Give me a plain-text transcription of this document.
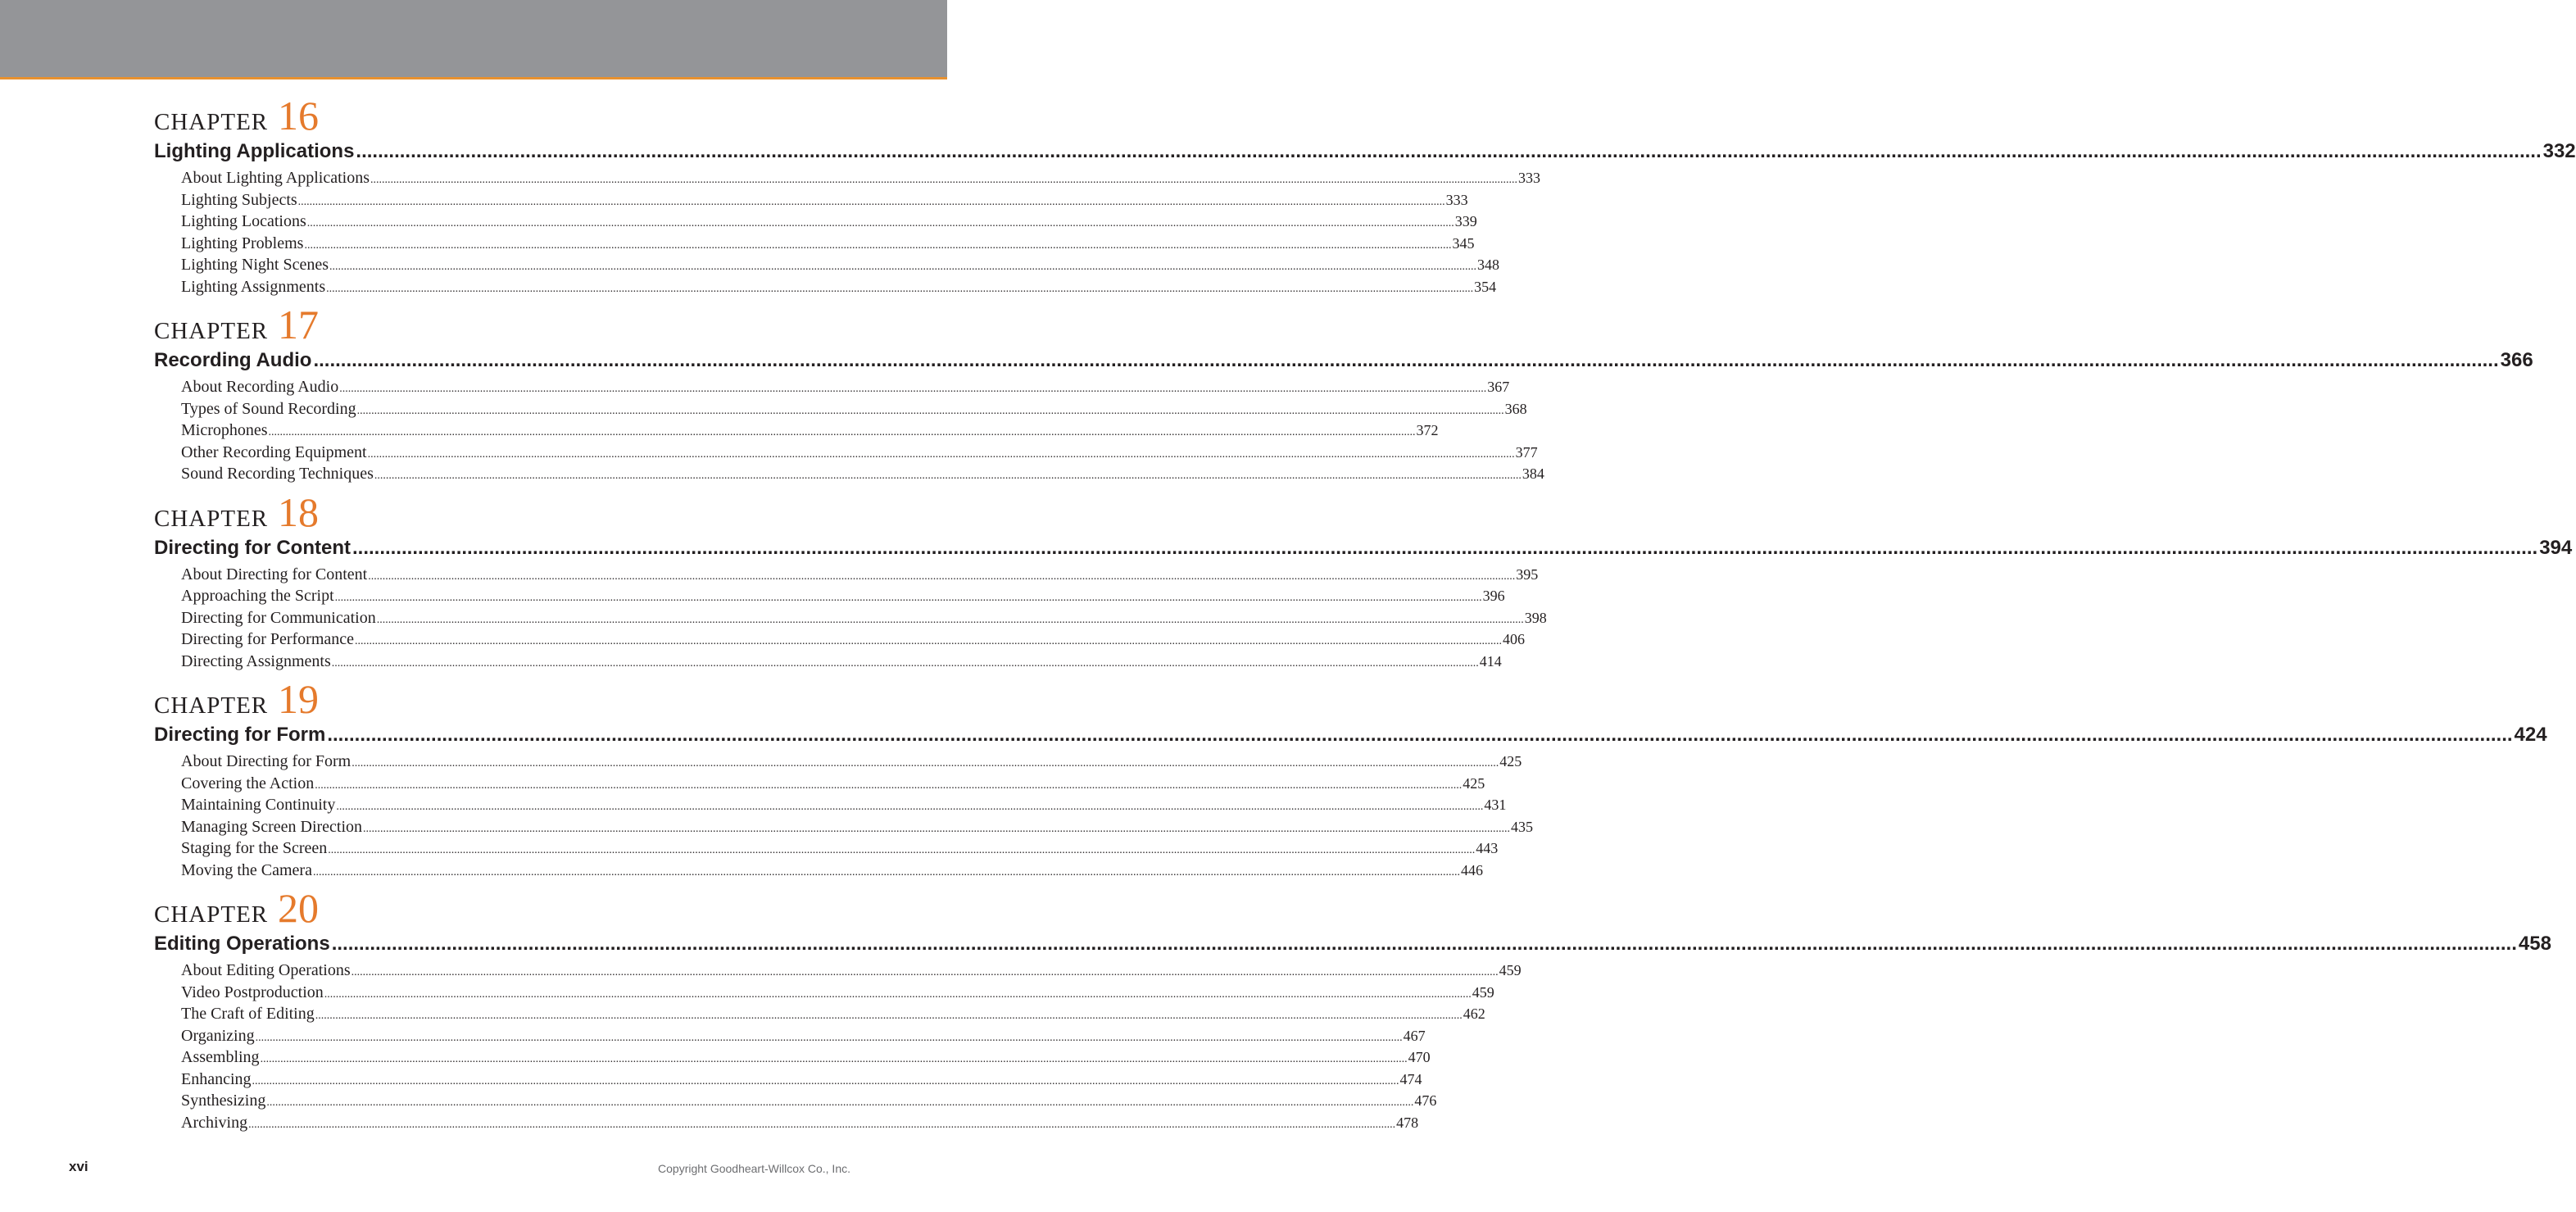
CHAPTER 16
Lighting Applications ................................................................................................................................................................................................................................................................................................................................................................................................................ 332
About Lighting Applications ................................................................................................................................................................................................................................................................................................................................................................................................................ 333
Lighting Subjects ................................................................................................................................................................................................................................................................................................................................................................................................................ 333
Lighting Locations ................................................................................................................................................................................................................................................................................................................................................................................................................ 339
Lighting Problems ................................................................................................................................................................................................................................................................................................................................................................................................................ 345
Lighting Night Scenes ................................................................................................................................................................................................................................................................................................................................................................................................................ 348
Lighting Assignments ................................................................................................................................................................................................................................................................................................................................................................................................................ 354
CHAPTER 17
Recording Audio ................................................................................................................................................................................................................................................................................................................................................................................................................ 366
About Recording Audio ................................................................................................................................................................................................................................................................................................................................................................................................................ 367
Types of Sound Recording ................................................................................................................................................................................................................................................................................................................................................................................................................ 368
Microphones ................................................................................................................................................................................................................................................................................................................................................................................................................ 372
Other Recording Equipment ................................................................................................................................................................................................................................................................................................................................................................................................................ 377
Sound Recording Techniques ................................................................................................................................................................................................................................................................................................................................................................................................................ 384
CHAPTER 18
Directing for Content ................................................................................................................................................................................................................................................................................................................................................................................................................ 394
About Directing for Content ................................................................................................................................................................................................................................................................................................................................................................................................................ 395
Approaching the Script ................................................................................................................................................................................................................................................................................................................................................................................................................ 396
Directing for Communication ................................................................................................................................................................................................................................................................................................................................................................................................................ 398
Directing for Performance ................................................................................................................................................................................................................................................................................................................................................................................................................ 406
Directing Assignments ................................................................................................................................................................................................................................................................................................................................................................................................................ 414
CHAPTER 19
Directing for Form ................................................................................................................................................................................................................................................................................................................................................................................................................ 424
About Directing for Form ................................................................................................................................................................................................................................................................................................................................................................................................................ 425
Covering the Action ................................................................................................................................................................................................................................................................................................................................................................................................................ 425
Maintaining Continuity ................................................................................................................................................................................................................................................................................................................................................................................................................ 431
Managing Screen Direction ................................................................................................................................................................................................................................................................................................................................................................................................................ 435
Staging for the Screen ................................................................................................................................................................................................................................................................................................................................................................................................................ 443
Moving the Camera ................................................................................................................................................................................................................................................................................................................................................................................................................ 446
CHAPTER 20
Editing Operations ................................................................................................................................................................................................................................................................................................................................................................................................................ 458
About Editing Operations ................................................................................................................................................................................................................................................................................................................................................................................................................ 459
Video Postproduction ................................................................................................................................................................................................................................................................................................................................................................................................................ 459
The Craft of Editing ................................................................................................................................................................................................................................................................................................................................................................................................................ 462
Organizing ................................................................................................................................................................................................................................................................................................................................................................................................................ 467
Assembling ................................................................................................................................................................................................................................................................................................................................................................................................................ 470
Enhancing ................................................................................................................................................................................................................................................................................................................................................................................................................ 474
Synthesizing ................................................................................................................................................................................................................................................................................................................................................................................................................ 476
Archiving ................................................................................................................................................................................................................................................................................................................................................................................................................ 478
xvi	Copyright Goodheart-Willcox Co., Inc.
